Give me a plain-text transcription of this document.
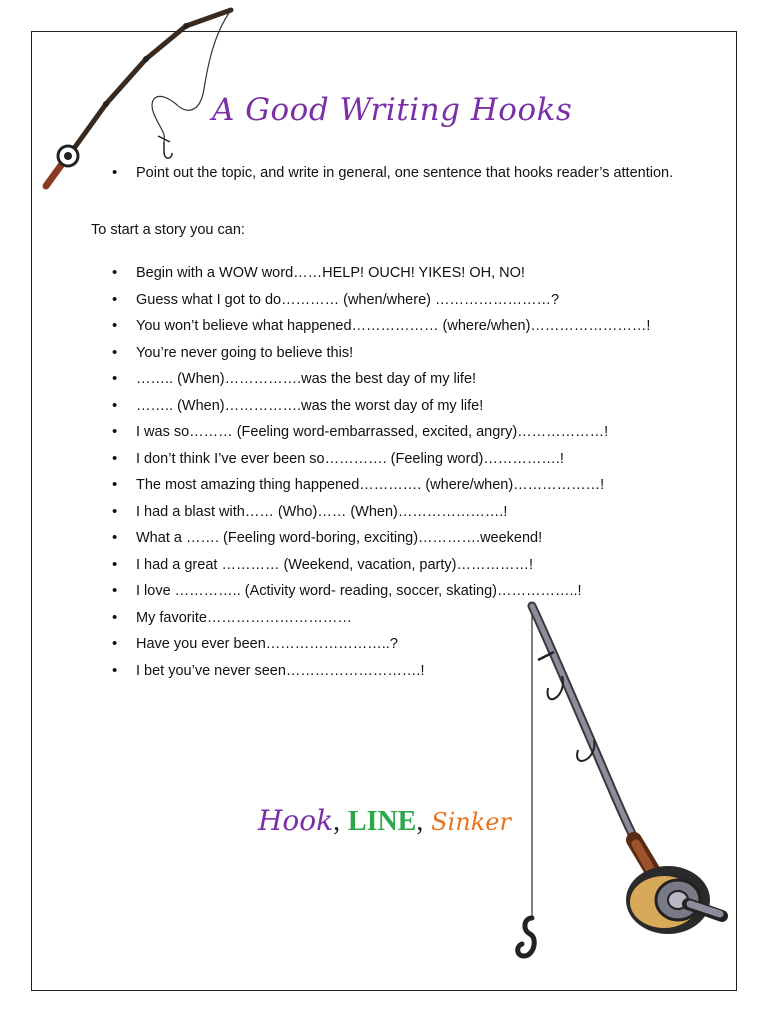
A Good Writing Hooks
• Point out the topic, and write in general, one sentence that hooks reader’s attention.
To start a story you can:
• Begin with a WOW word……HELP! OUCH! YIKES! OH, NO!
• Guess what I got to do………… (when/where) ……………………?
• You won’t believe what happened……………… (where/when)……………………!
• You’re never going to believe this!
• …….. (When)…………….was the best day of my life!
• …….. (When)…………….was the worst day of my life!
• I was so……… (Feeling word-embarrassed, excited, angry)………………!
• I don’t think I’ve ever been so…………. (Feeling word)…………….!
• The most amazing thing happened…………. (where/when)………………!
• I had a blast with…… (Who)…… (When)………………….!
• What a ……. (Feeling word-boring, exciting)………….weekend!
• I had a great ………… (Weekend, vacation, party)……………!
• I love ………….. (Activity word- reading, soccer, skating)……………..!
• My favorite…………………………
• Have you ever been……………………..?
• I bet you’ve never seen……………………….!
Hook, LINE, Sinker
